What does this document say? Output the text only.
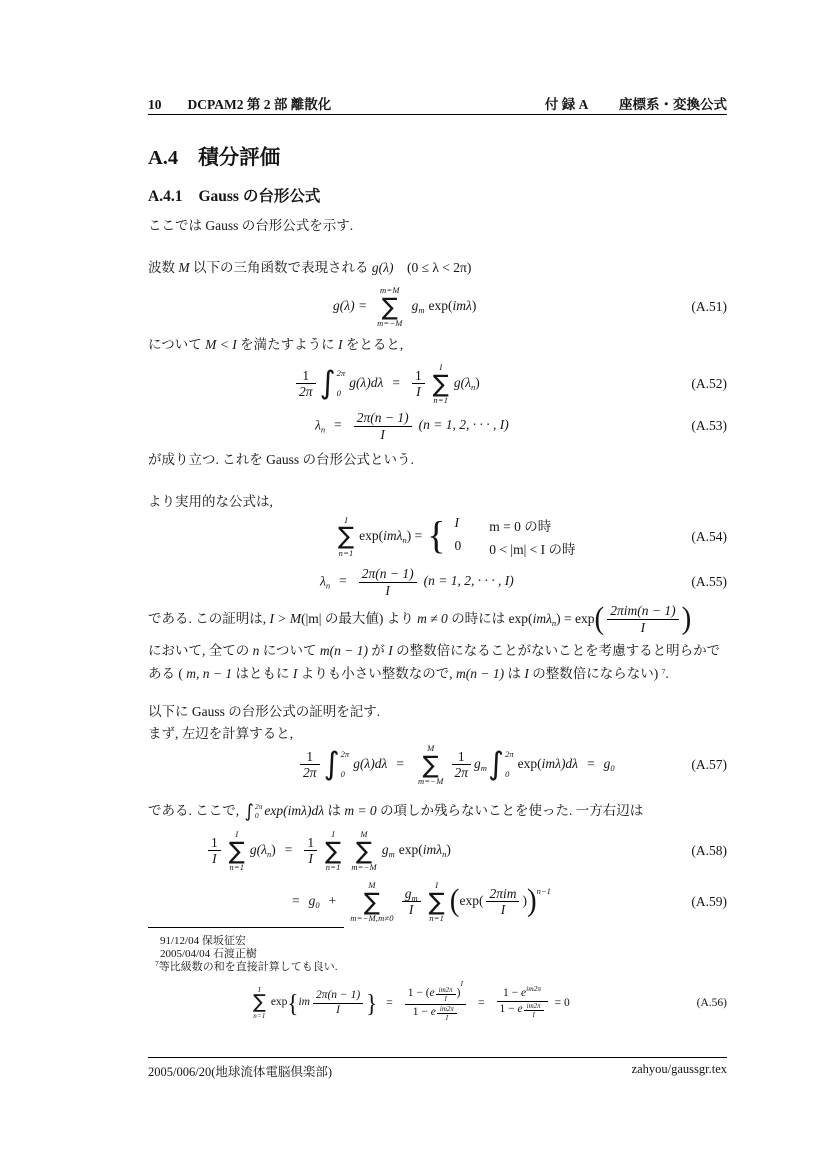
10 DCPAM2 第 2 部 離散化	付 録 A 座標系・変換公式
A.4 積分評価
A.4.1 Gauss の台形公式
ここでは Gauss の台形公式を示す.
波数 M 以下の三角函数で表現される g(λ)　(0 ≤ λ < 2π)
g(λ) =
m=M
∑
m=−M
$g_m$ exp(imλ)	(A.51)
について M < I を満たすように I をとると,
$\frac{1}{2\pi}$ ∫ 2π
0
$g(\lambda)d\lambda = \frac{1}{I}$
I
∑
n=1
$g(\lambda_n)$	(A.52)
$\lambda_n = \frac{2\pi(n - 1)}{I} (n = 1$, 2, · · · , I)	(A.53)
が成り立つ. これを Gauss の台形公式という.
より実用的な公式は,
I
∑
n=1
exp(imλ$_n$) = { I m = 0 の時
0 0 < |m| < I の時
(A.54)
$\lambda_n = \frac{2\pi(n - 1)}{I} (n = 1$, 2, · · · , I)	(A.55)
である. この証明は, I > M(|m| の最大値) より m ≠ 0 の時には $\exp(im\lambda_n) = \exp( \frac{\text{2πim(n − 1)}}{I}$ )
において, 全ての n について m(n − 1) が I の整数倍になることがないことを考慮すると明らかで
ある ( m, n − 1 はともに I よりも小さい整数なので, m(n − 1) は I の整数倍にならない) $^7$.
以下に Gauss の台形公式の証明を記す.
まず, 左辺を計算すると,
$\frac{1}{2\pi}$ ∫ 2π
0
g(λ)dλ =
M
∑
$m=-M \frac{1}{2\pi} g_m$ ∫ 2π
0
$\exp(im\lambda)d\lambda = g_0$	(A.57)
である. ここで, ∫ 2π
0 exp(imλ)dλ は m = 0 の項しか残らないことを使った. 一方右辺は
$\frac{1}{I}$
I
∑
n=1
$g(\lambda_n) = \frac{1}{I}$
I
∑
n=1
M
∑
m=−M
$g_m$ exp(imλ$_n$)	(A.58)
= $g_0$ +
M
∑
$m=-M,m\ne 0 \frac{g_m}{I}$
I
∑
n=1 $(\exp( \frac{\text{2πim}}{I} ))^{n-1}$
(A.59)
91/12/04 保坂征宏
2005/04/04 石渡正樹
$^7$等比級数の和を直接計算しても良い.
I
∑
n=1
$\exp\{im \frac{2\pi(n - 1)}{I}$ } = $\frac{1 - (e \frac{im2\pi}{I} )^I}{1 - e \frac{im2\pi}{I}} = \frac{1 - e^{im2\pi}}{1 - e \frac{im2\pi}{I}} = 0$	(A.56)
2005/006/20(地球流体電脳倶楽部)	zahyou/gaussgr.tex
